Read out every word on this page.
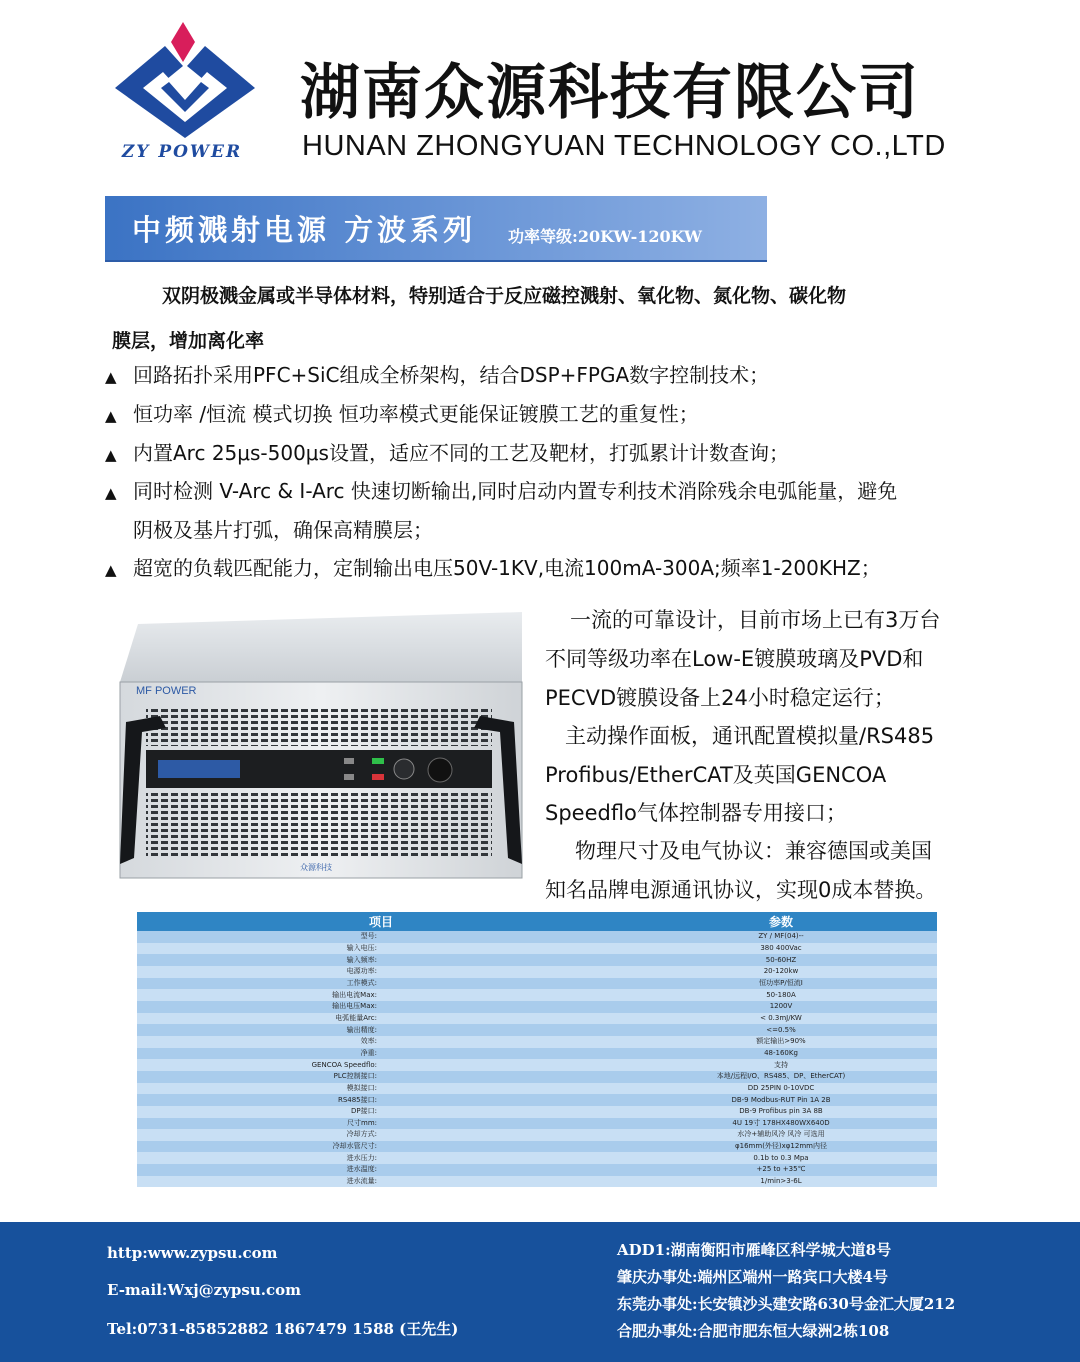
ZY POWER
湖南众源科技有限公司
HUNAN ZHONGYUAN TECHNOLOGY CO.,LTD
中频溅射电源 方波系列 功率等级:20KW-120KW
双阴极溅金属或半导体材料，特别适合于反应磁控溅射、氧化物、氮化物、碳化物
膜层，增加离化率
▲ 回路拓扑采用PFC+SiC组成全桥架构，结合DSP+FPGA数字控制技术；
▲ 恒功率 /恒流 模式切换 恒功率模式更能保证镀膜工艺的重复性；
▲ 内置Arc 25μs-500μs设置，适应不同的工艺及靶材，打弧累计计数查询；
▲ 同时检测 V-Arc & I-Arc 快速切断输出,同时启动内置专利技术消除残余电弧能量，避免
阴极及基片打弧，确保高精膜层；
▲ 超宽的负载匹配能力，定制输出电压50V-1KV,电流100mA-300A;频率1-200KHZ；
MF POWER
众源科技
一流的可靠设计，目前市场上已有3万台
不同等级功率在Low-E镀膜玻璃及PVD和
PECVD镀膜设备上24小时稳定运行；
主动操作面板，通讯配置模拟量/RS485
Profibus/EtherCAT及英国GENCOA
Speedflo气体控制器专用接口；
物理尺寸及电气协议：兼容德国或美国
知名品牌电源通讯协议，实现0成本替换。
项目	参数
型号:	ZY / MF(04)--
输入电压:	380 400Vac
输入频率:	50-60HZ
电源功率:	20-120kw
工作模式:	恒功率P/恒流I
输出电流Max:	50-180A
输出电压Max:	1200V
电弧能量Arc:	< 0.3mJ/KW
输出精度:	<=0.5%
效率:	额定输出>90%
净重:	48-160Kg
GENCOA Speedflo:	支持
PLC控制接口:	本地/远程I/O、RS485、DP、EtherCAT)
模拟接口:	DD 25PIN 0-10VDC
RS485接口:	DB-9 Modbus-RUT Pin 1A 2B
DP接口:	DB-9 Profibus pin 3A 8B
尺寸mm:	4U 19寸 178HX480WX640D
冷却方式:	水冷+辅助风冷 风冷 可选用
冷却水管尺寸:	φ16mm(外径)xφ12mm内径
进水压力:	0.1b to 0.3 Mpa
进水温度:	+25 to +35℃
进水流量:	1/min>3-6L
http:www.zypsu.com
E-mail:Wxj@zypsu.com
Tel:0731-85852882 1867479 1588 (王先生)
ADD1:湖南衡阳市雁峰区科学城大道8号
肇庆办事处:端州区端州一路宾口大楼4号
东莞办事处:长安镇沙头建安路630号金汇大厦212
合肥办事处:合肥市肥东恒大绿洲2栋108
